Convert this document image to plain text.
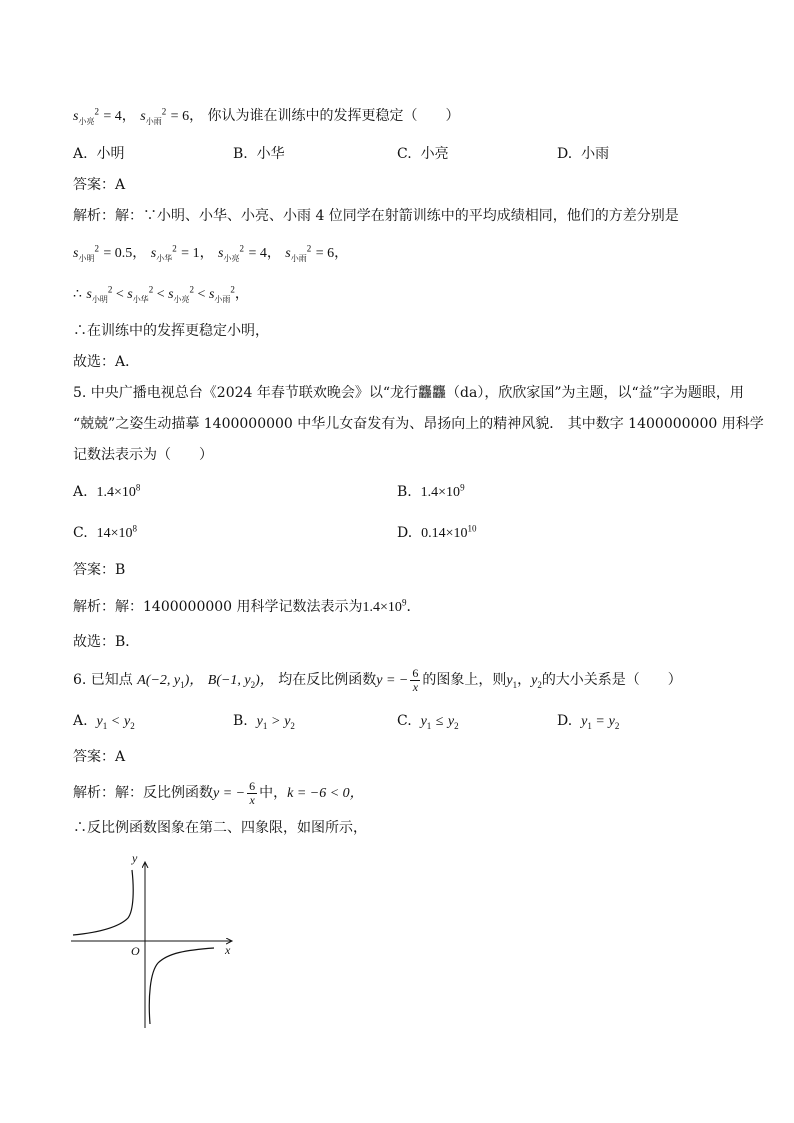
$s_{小亮}^2 = 4$， $s_{小雨}^2 = 6$， 你认为谁在训练中的发挥更稳定（　　）
A. 小明	B. 小华	C. 小亮	D. 小雨
答案：A
解析：解：∵小明、小华、小亮、小雨 4 位同学在射箭训练中的平均成绩相同，他们的方差分别是
$s_{小明}^2 = 0.5$， $s_{小华}^2 = 1$， $s_{小亮}^2 = 4$， $s_{小雨}^2 = 6$，
∴ $s_{小明}^2 < s_{小华}^2 < s_{小亮}^2 < s_{小雨}^2$，
∴在训练中的发挥更稳定小明，
故选：A．
5. 中央广播电视总台《2024 年春节联欢晚会》以“龙行龘龘（da），欣欣家国”为主题，以“益”字为题眼，用
“兢兢”之姿生动描摹 1400000000 中华儿女奋发有为、昂扬向上的精神风貌． 其中数字 1400000000 用科学
记数法表示为（　　）
A. $1.4\times 10^8$	B. $1.4\times 10^9$
C. $14\times 10^8$	D. $0.14\times 10^{10}$
答案：B
解析：解：1400000000 用科学记数法表示为$1.4\times 10^9$．
故选：B．
6. 已知点 A(−2, $y_1$)， B(−1, $y_2$)， 均在反比例函数y = − $\frac{6}{x}$ 的图象上，则$y_1$，$y_2$的大小关系是（　　）
A. $y_1 < y_2$	B. $y_1 > y_2$	C. $y_1 \le y_2$	D. $y_1 = y_2$
答案：A
解析：解：反比例函数y = − $\frac{6}{x}$ 中，k = −6 < 0，
∴反比例函数图象在第二、四象限，如图所示，
y
x
O
